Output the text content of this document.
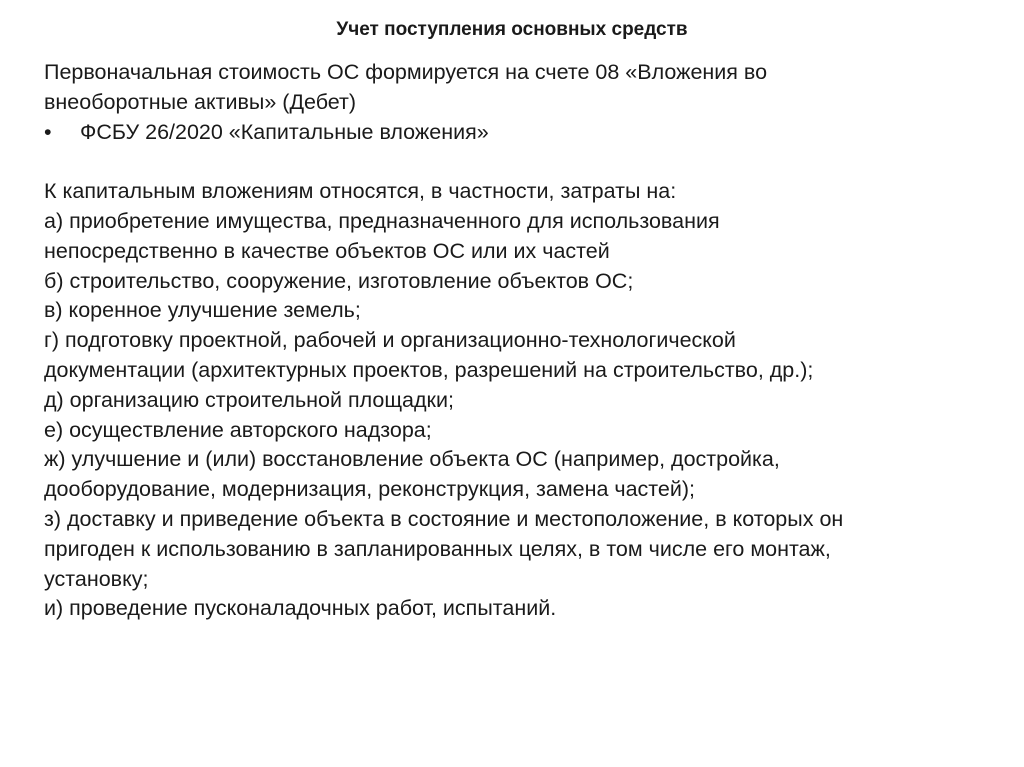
Учет поступления основных средств
Первоначальная стоимость ОС формируется на счете 08 «Вложения во
внеоборотные активы» (Дебет)
• ФСБУ 26/2020 «Капитальные вложения»
К капитальным вложениям относятся, в частности, затраты на:
а) приобретение имущества, предназначенного для использования
непосредственно в качестве объектов ОС или их частей
б) строительство, сооружение, изготовление объектов ОС;
в) коренное улучшение земель;
г) подготовку проектной, рабочей и организационно-технологической
документации (архитектурных проектов, разрешений на строительство, др.);
д) организацию строительной площадки;
е) осуществление авторского надзора;
ж) улучшение и (или) восстановление объекта ОС (например, достройка,
дооборудование, модернизация, реконструкция, замена частей);
з) доставку и приведение объекта в состояние и местоположение, в которых он
пригоден к использованию в запланированных целях, в том числе его монтаж,
установку;
и) проведение пусконаладочных работ, испытаний.
